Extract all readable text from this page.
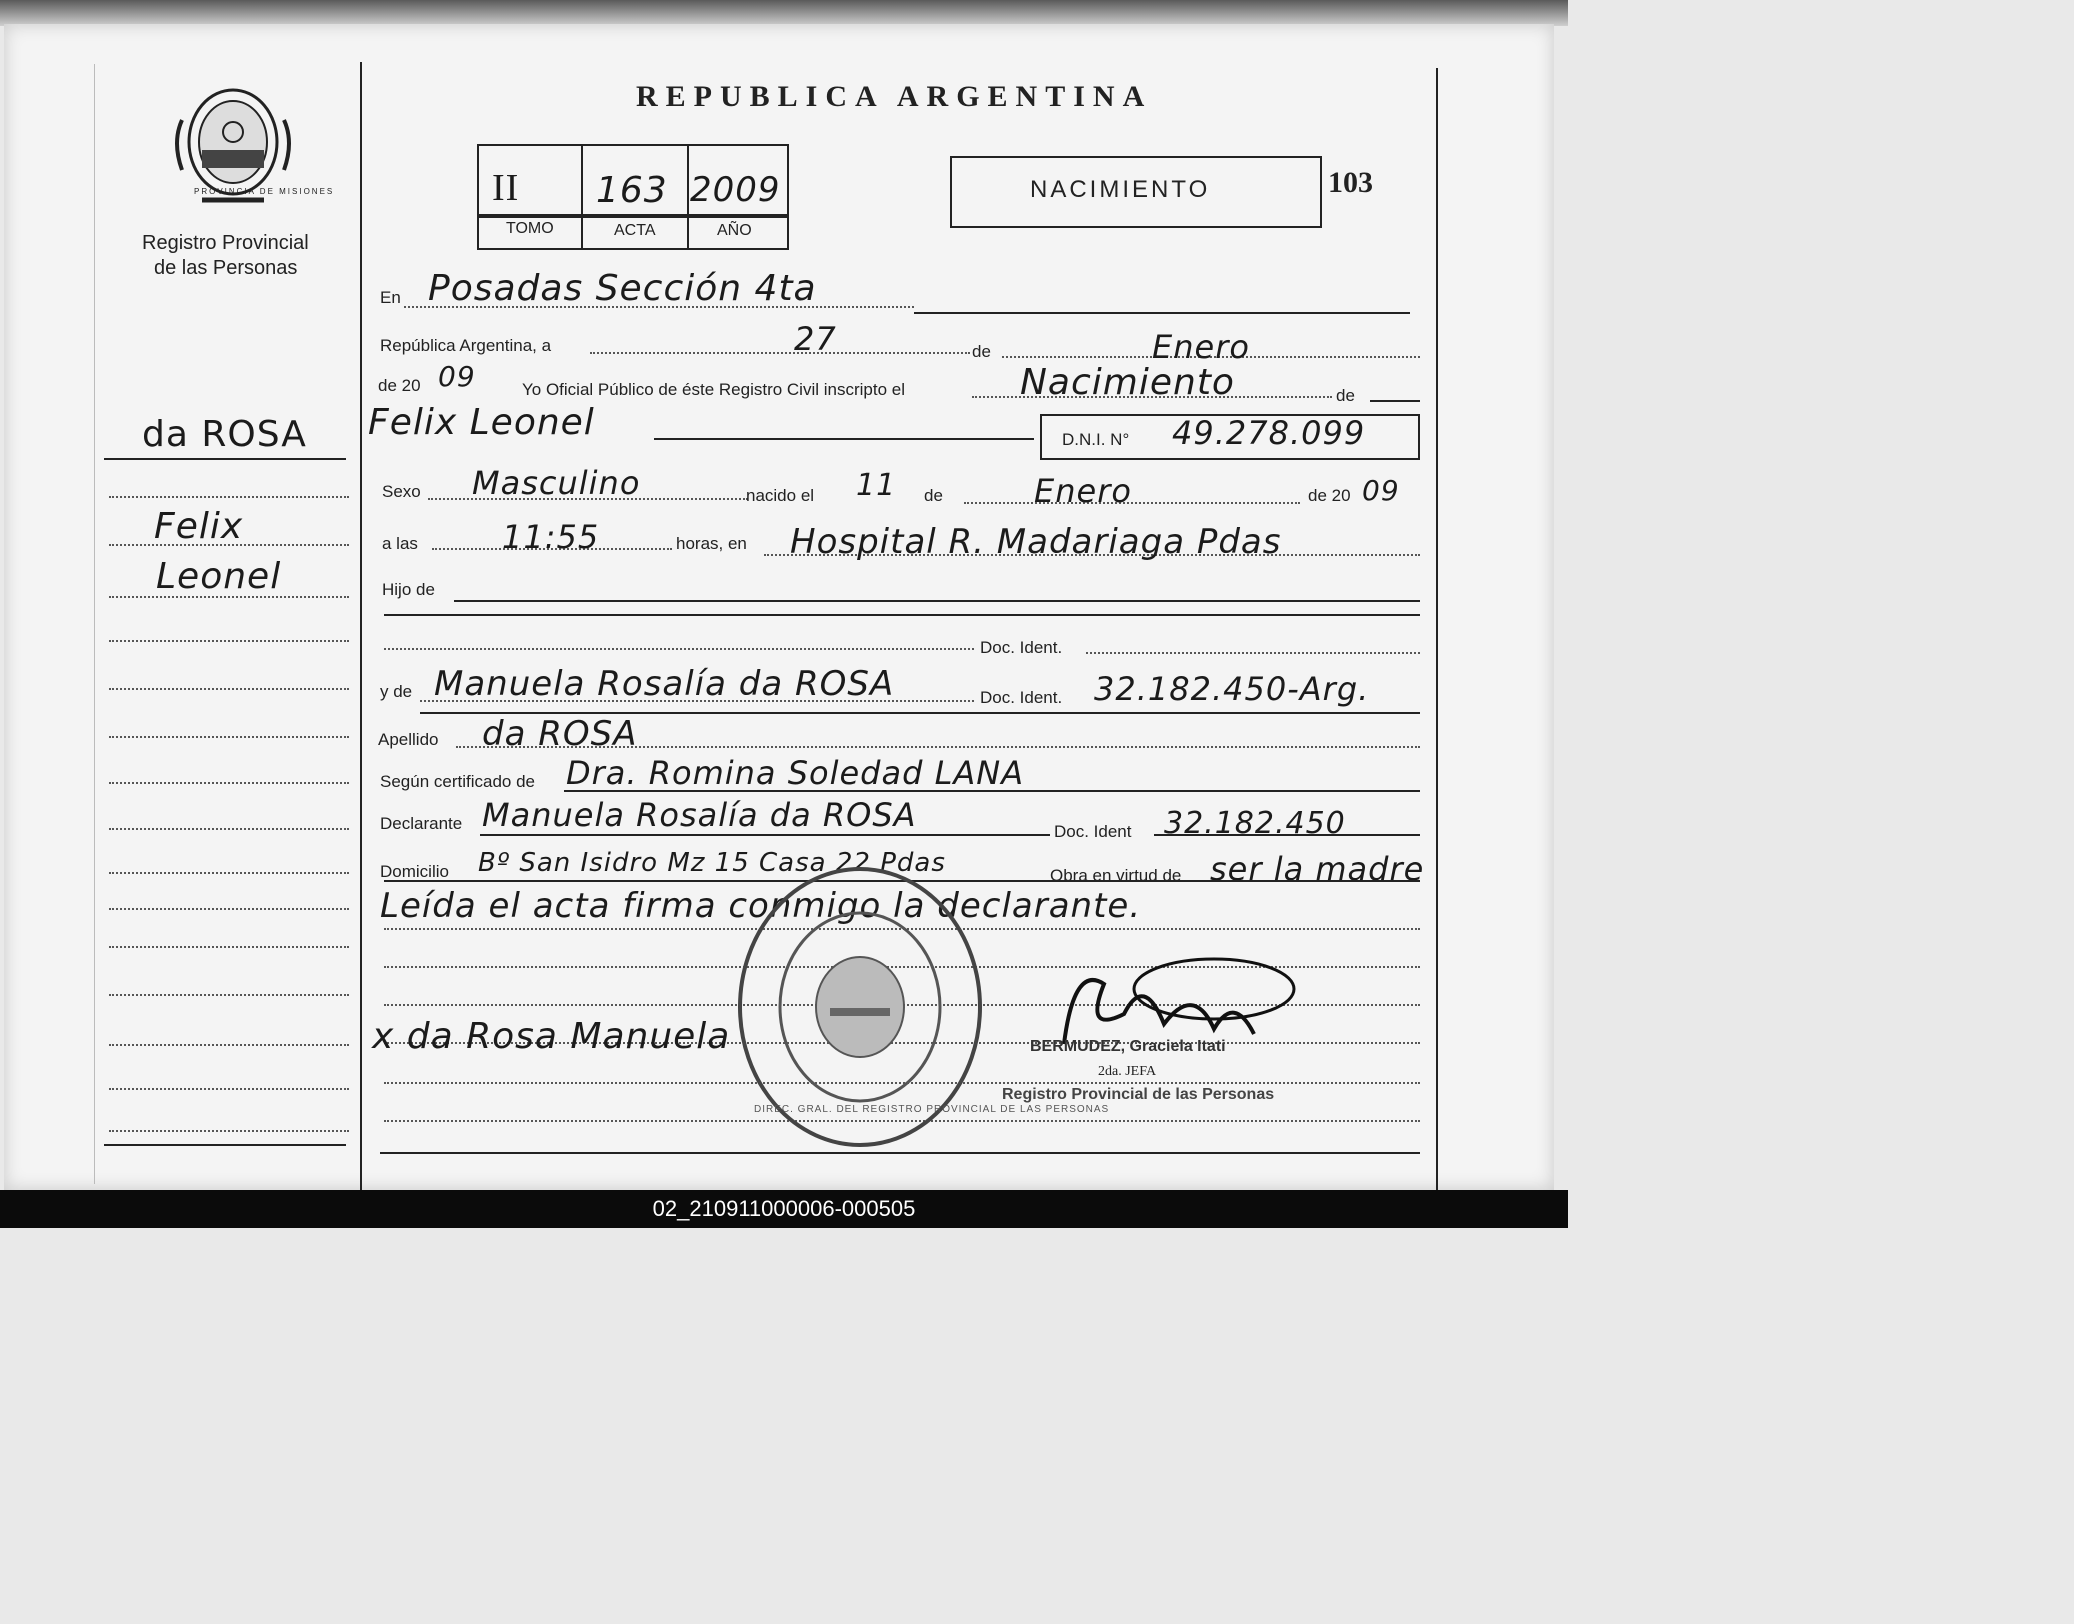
PROVINCIA DE MISIONES
Registro Provincial
de las Personas
da ROSA
Felix
Leonel
REPUBLICA ARGENTINA
II 163 2009
TOMO	ACTA	AÑO
NACIMIENTO	103
En Posadas Sección 4ta
República Argentina, a	27	de	Enero
de 20 09	Yo Oficial Público de éste Registro Civil inscripto el	Nacimiento	de
Felix Leonel	D.N.I. N° 49.278.099
Sexo Masculino	nacido el 11 de	Enero	de 20 09
a las	11:55	horas, en Hospital R. Madariaga Pdas
Hijo de
Doc. Ident.
y de Manuela Rosalía da ROSA	Doc. Ident. 32.182.450-Arg.
Apellido da ROSA
Según certificado de Dra. Romina Soledad LANA
Declarante Manuela Rosalía da ROSA	Doc. Ident 32.182.450
Domicilio Bº San Isidro Mz 15 Casa 22 Pdas	Obra en virtud de ser la madre
Leída el acta firma conmigo la declarante.
x da Rosa Manuela
DIREC. GRAL. DEL REGISTRO PROVINCIAL DE LAS PERSONAS
BERMUDEZ, Graciela Itati
2da. JEFA
Registro Provincial de las Personas
02_210911000006-000505
